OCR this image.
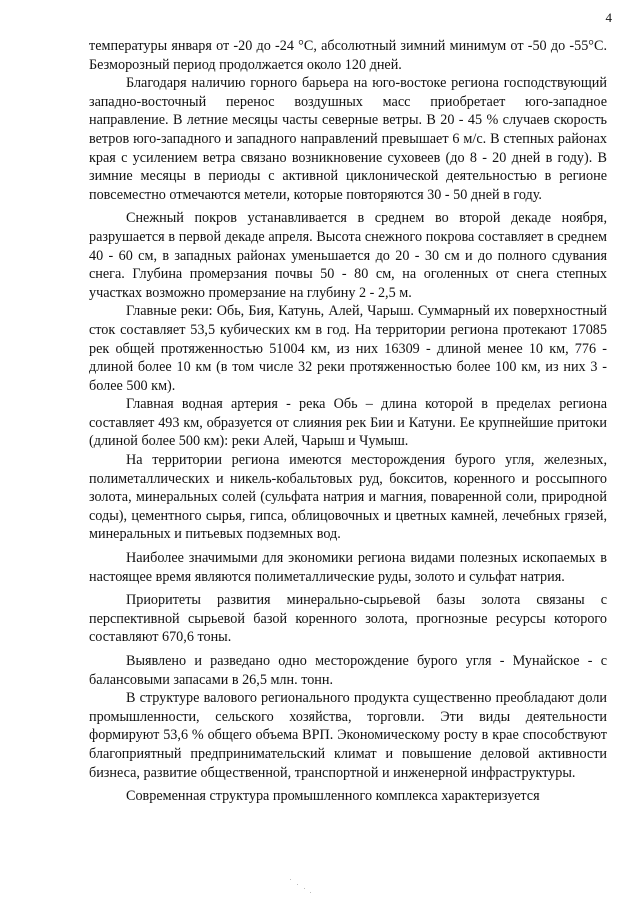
4

температуры января от -20 до -24 °С, абсолютный зимний минимум от -50 до -55°С. Безморозный период продолжается около 120 дней.

Благодаря наличию горного барьера на юго-востоке региона господствующий западно-восточный перенос воздушных масс приобретает юго-западное направление. В летние месяцы часты северные ветры. В 20 - 45 % случаев скорость ветров юго-западного и западного направлений превышает 6 м/с. В степных районах края с усилением ветра связано возникновение суховеев (до 8 - 20 дней в году). В зимние месяцы в периоды с активной циклонической деятельностью в регионе повсеместно отмечаются метели, которые повторяются 30 - 50 дней в году.

Снежный покров устанавливается в среднем во второй декаде ноября, разрушается в первой декаде апреля. Высота снежного покрова составляет в среднем 40 - 60 см, в западных районах уменьшается до 20 - 30 см и до полного сдувания снега. Глубина промерзания почвы 50 - 80 см, на оголенных от снега степных участках возможно промерзание на глубину 2 - 2,5 м.

Главные реки: Обь, Бия, Катунь, Алей, Чарыш. Суммарный их поверхностный сток составляет 53,5 кубических км в год. На территории региона протекают 17085 рек общей протяженностью 51004 км, из них 16309 - длиной менее 10 км, 776 - длиной более 10 км (в том числе 32 реки протяженностью более 100 км, из них 3 - более 500 км).

Главная водная артерия - река Обь – длина которой в пределах региона составляет 493 км, образуется от слияния рек Бии и Катуни. Ее крупнейшие притоки (длиной более 500 км): реки Алей, Чарыш и Чумыш.

На территории региона имеются месторождения бурого угля, железных, полиметаллических и никель-кобальтовых руд, бокситов, коренного и россыпного золота, минеральных солей (сульфата натрия и магния, поваренной соли, природной соды), цементного сырья, гипса, облицовочных и цветных камней, лечебных грязей, минеральных и питьевых подземных вод.

Наиболее значимыми для экономики региона видами полезных ископаемых в настоящее время являются полиметаллические руды, золото и сульфат натрия.

Приоритеты развития минерально-сырьевой базы золота связаны с перспективной сырьевой базой коренного золота, прогнозные ресурсы которого составляют 670,6 тоны.

Выявлено и разведано одно месторождение бурого угля - Мунайское - с балансовыми запасами в 26,5 млн. тонн.

В структуре валового регионального продукта существенно преобладают доли промышленности, сельского хозяйства, торговли. Эти виды деятельности формируют 53,6 % общего объема ВРП. Экономическому росту в крае способствуют благоприятный предпринимательский климат и повышение деловой активности бизнеса, развитие общественной, транспортной и инженерной инфраструктуры.

Современная структура промышленного комплекса характеризуется
